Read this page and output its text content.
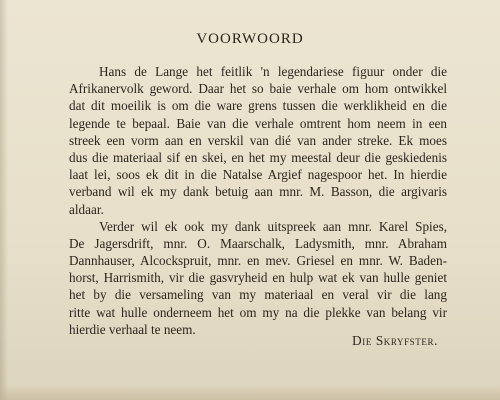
VOORWOORD

Hans de Lange het feitlik 'n legendariese figuur onder die
Afrikanervolk geword. Daar het so baie verhale om hom ontwikkel
dat dit moeilik is om die ware grens tussen die werklikheid en die
legende te bepaal. Baie van die verhale omtrent hom neem in een
streek een vorm aan en verskil van dié van ander streke. Ek moes
dus die materiaal sif en skei, en het my meestal deur die geskiedenis
laat lei, soos ek dit in die Natalse Argief nagespoor het. In hierdie
verband wil ek my dank betuig aan mnr. M. Basson, die argivaris
aldaar.

Verder wil ek ook my dank uitspreek aan mnr. Karel Spies,
De Jagersdrift, mnr. O. Maarschalk, Ladysmith, mnr. Abraham
Dannhauser, Alcockspruit, mnr. en mev. Griesel en mnr. W. Baden-
horst, Harrismith, vir die gasvryheid en hulp wat ek van hulle geniet
het by die versameling van my materiaal en veral vir die lang
ritte wat hulle onderneem het om my na die plekke van belang vir
hierdie verhaal te neem.

Die Skryfster.
